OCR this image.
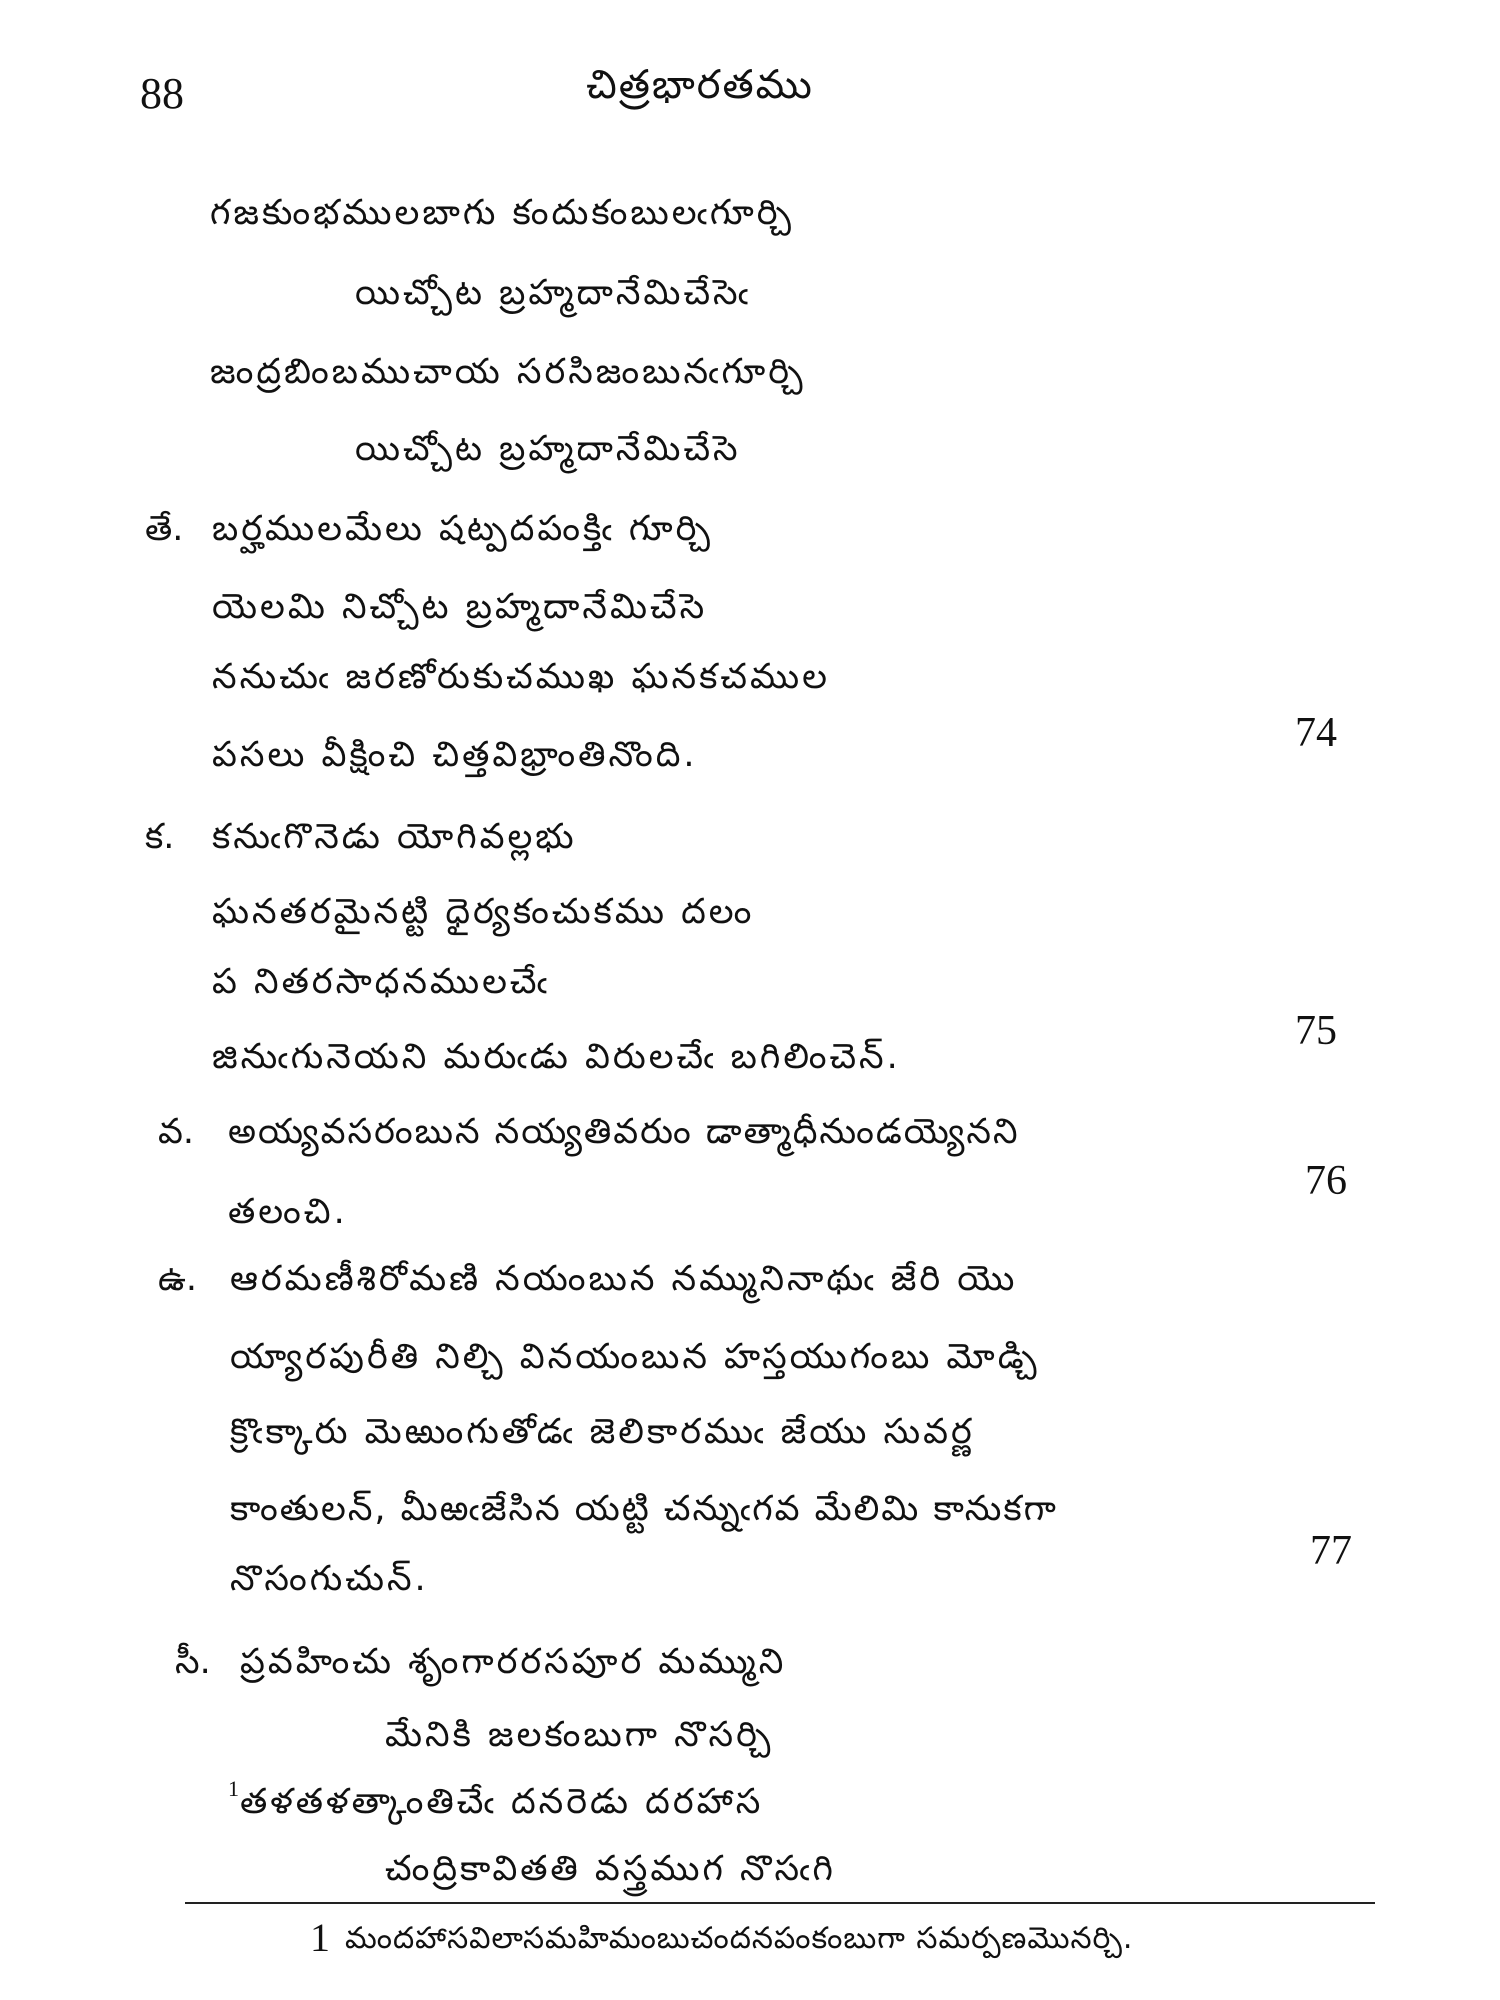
88	చిత్రభారతము
గజకుంభములబాగు కందుకంబులఁగూర్చి
యిచ్చోట బ్రహ్మదానేమిచేసెఁ
జంద్రబింబముచాయ సరసిజంబునఁగూర్చి
యిచ్చోట బ్రహ్మదానేమిచేసె
తే. బర్హములమేలు షట్పదపంక్తిఁ గూర్చి
యెలమి నిచ్చోట బ్రహ్మదానేమిచేసె
ననుచుఁ జరణోరుకుచముఖ ఘనకచముల
పసలు వీక్షించి చిత్తవిభ్రాంతినొంది.	74
క. కనుఁగొనెడు యోగివల్లభు
ఘనతరమైనట్టి ధైర్యకంచుకము దలం
ప నితరసాధనములచేఁ
జినుఁగునెయని మరుఁడు విరులచేఁ బగిలించెన్.
75
వ. అయ్యవసరంబున నయ్యతివరుం డాత్మాధీనుండయ్యెనని
తలంచి.
76
ఉ. ఆరమణీశిరోమణి నయంబున నమ్మునినాథుఁ జేరి యొ
య్యారపురీతి నిల్చి వినయంబున హస్తయుగంబు మోడ్చి
క్రొఁక్కారు మెఱుంగుతోడఁ జెలికారముఁ జేయు సువర్ణ
కాంతులన్, మీఱఁజేసిన యట్టి చన్నుఁగవ మేలిమి కానుకగా
నొసంగుచున్.
77
సీ. ప్రవహించు శృంగారరసపూర మమ్ముని
మేనికి జలకంబుగా నొసర్చి
తళతళత్కాంతిచేఁ దనరెడు దరహాస
1
చంద్రికావితతి వస్త్రముగ నొసఁగి
1 మందహాసవిలాసమహిమంబుచందనపంకంబుగా సమర్పణమొనర్చి.
